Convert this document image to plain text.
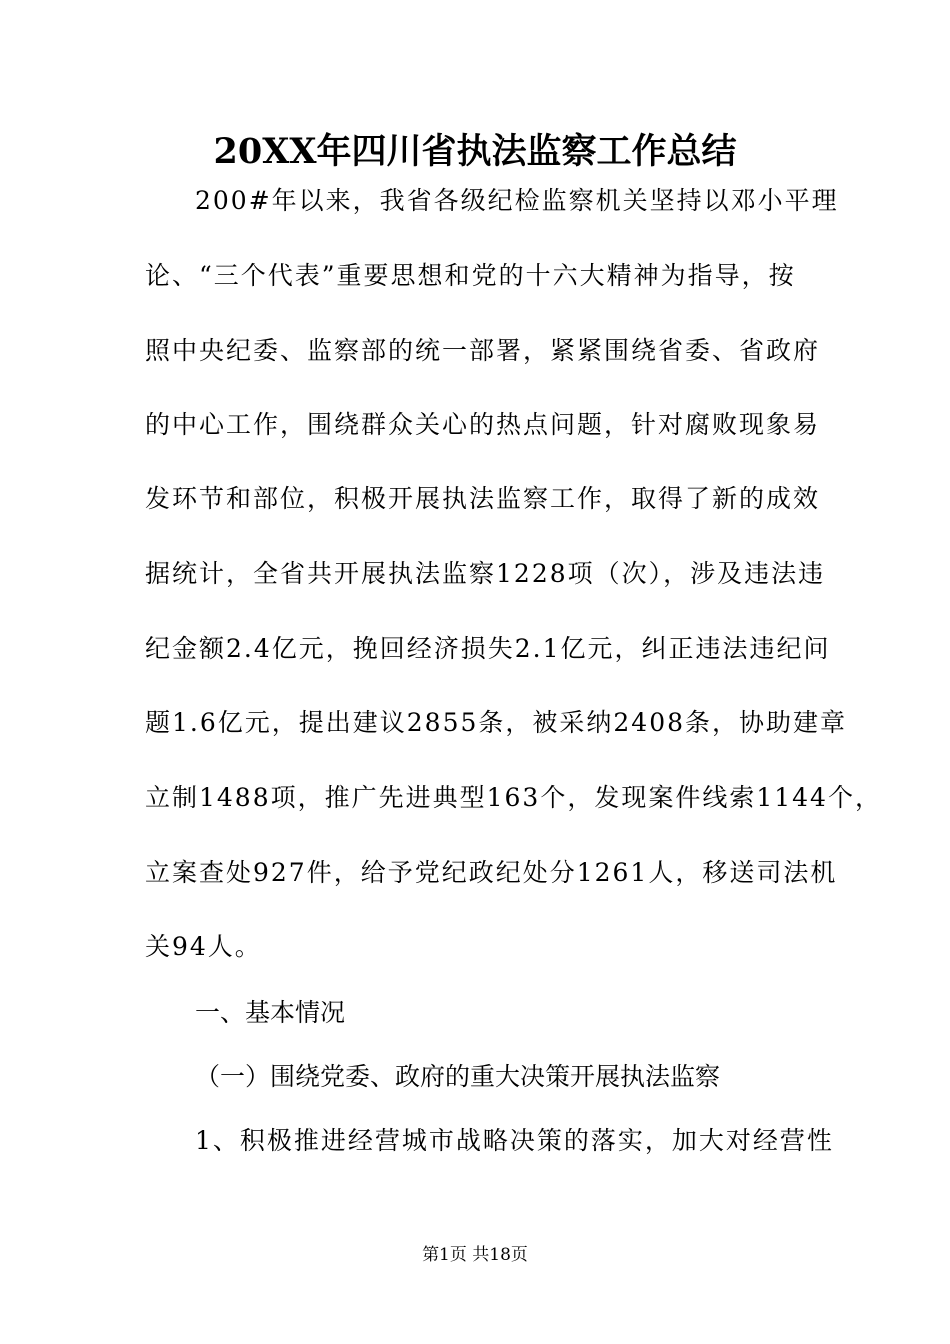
20XX年四川省执法监察工作总结
200#年以来，我省各级纪检监察机关坚持以邓小平理
论、“三个代表”重要思想和党的十六大精神为指导，按
照中央纪委、监察部的统一部署，紧紧围绕省委、省政府
的中心工作，围绕群众关心的热点问题，针对腐败现象易
发环节和部位，积极开展执法监察工作，取得了新的成效
据统计，全省共开展执法监察1228项（次），涉及违法违
纪金额2.4亿元，挽回经济损失2.1亿元，纠正违法违纪问
题1.6亿元，提出建议2855条，被采纳2408条，协助建章
立制1488项，推广先进典型163个，发现案件线索1144个，
立案查处927件，给予党纪政纪处分1261人，移送司法机
关94人。
一、基本情况
（一）围绕党委、政府的重大决策开展执法监察
1、积极推进经营城市战略决策的落实，加大对经营性
第1页 共18页
